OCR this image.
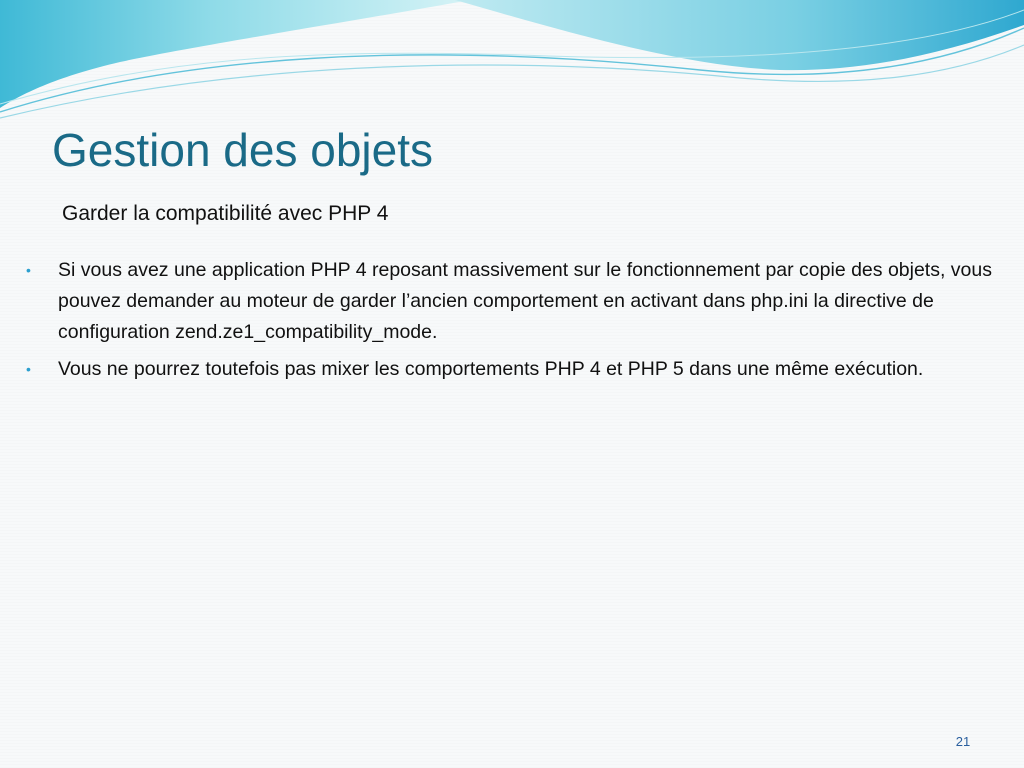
Gestion des objets

Garder la compatibilité avec PHP 4

• Si vous avez une application PHP 4 reposant massivement sur le fonctionnement par copie des objets, vous pouvez demander au moteur de garder l’ancien comportement en activant dans php.ini la directive de configuration zend.ze1_compatibility_mode.
• Vous ne pourrez toutefois pas mixer les comportements PHP 4 et PHP 5 dans une même exécution.
21
